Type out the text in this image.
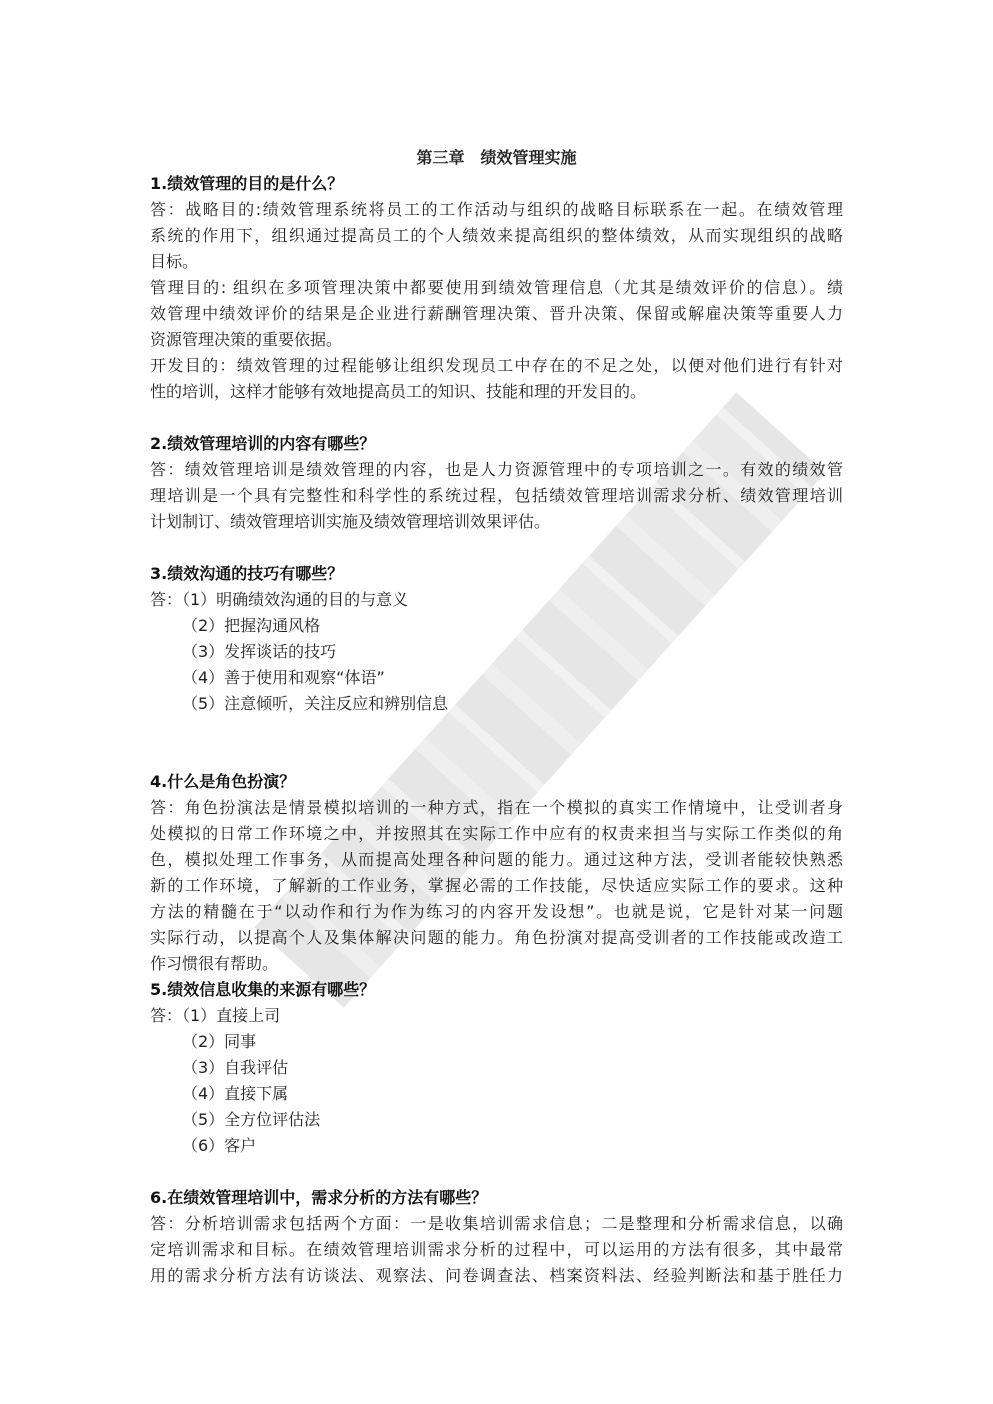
第三章　绩效管理实施
1.绩效管理的目的是什么？
答：战略目的:绩效管理系统将员工的工作活动与组织的战略目标联系在一起。在绩效管理
系统的作用下，组织通过提高员工的个人绩效来提高组织的整体绩效，从而实现组织的战略
目标。
管理目的: 组织在多项管理决策中都要使用到绩效管理信息（尤其是绩效评价的信息）。绩
效管理中绩效评价的结果是企业进行薪酬管理决策、晋升决策、保留或解雇决策等重要人力
资源管理决策的重要依据。
开发目的：绩效管理的过程能够让组织发现员工中存在的不足之处，以便对他们进行有针对
性的培训，这样才能够有效地提高员工的知识、技能和理的开发目的。
2.绩效管理培训的内容有哪些？
答：绩效管理培训是绩效管理的内容，也是人力资源管理中的专项培训之一。有效的绩效管
理培训是一个具有完整性和科学性的系统过程，包括绩效管理培训需求分析、绩效管理培训
计划制订、绩效管理培训实施及绩效管理培训效果评估。
3.绩效沟通的技巧有哪些？
答：（1）明确绩效沟通的目的与意义
（2）把握沟通风格
（3）发挥谈话的技巧
（4）善于使用和观察“体语”
（5）注意倾听，关注反应和辨别信息
4.什么是角色扮演？
答：角色扮演法是情景模拟培训的一种方式，指在一个模拟的真实工作情境中，让受训者身
处模拟的日常工作环境之中，并按照其在实际工作中应有的权责来担当与实际工作类似的角
色，模拟处理工作事务，从而提高处理各种问题的能力。通过这种方法，受训者能较快熟悉
新的工作环境，了解新的工作业务，掌握必需的工作技能，尽快适应实际工作的要求。这种
方法的精髓在于“以动作和行为作为练习的内容开发设想”。也就是说，它是针对某一问题
实际行动，以提高个人及集体解决问题的能力。角色扮演对提高受训者的工作技能或改造工
作习惯很有帮助。
5.绩效信息收集的来源有哪些？
答：（1）直接上司
（2）同事
（3）自我评估
（4）直接下属
（5）全方位评估法
（6）客户
6.在绩效管理培训中，需求分析的方法有哪些？
答：分析培训需求包括两个方面：一是收集培训需求信息；二是整理和分析需求信息，以确
定培训需求和目标。在绩效管理培训需求分析的过程中，可以运用的方法有很多，其中最常
用的需求分析方法有访谈法、观察法、问卷调查法、档案资料法、经验判断法和基于胜任力
